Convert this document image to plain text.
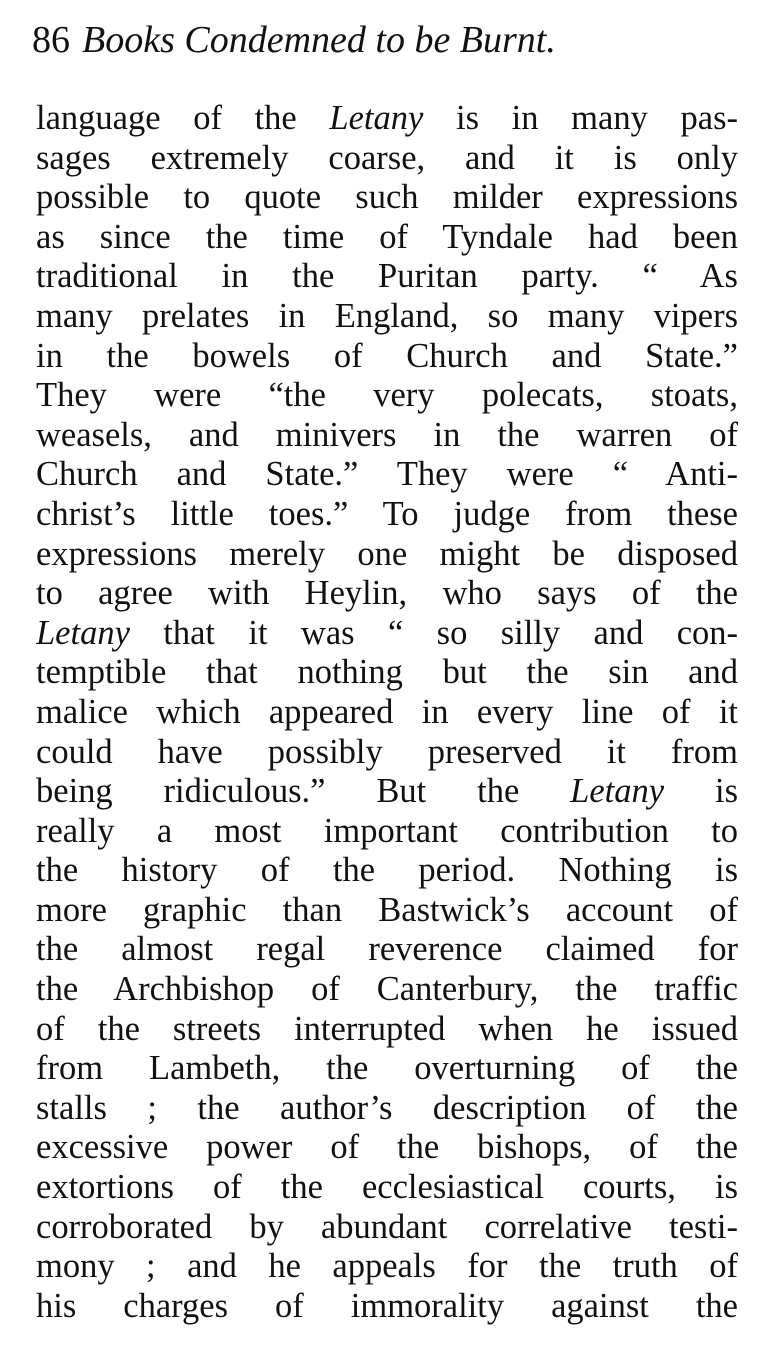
86 Books Condemned to be Burnt.
language of the Letany is in many pas-
sages extremely coarse, and it is only
possible to quote such milder expressions
as since the time of Tyndale had been
traditional in the Puritan party. “ As
many prelates in England, so many vipers
in the bowels of Church and State.”
They were “the very polecats, stoats,
weasels, and minivers in the warren of
Church and State.” They were “ Anti-
christ’s little toes.” To judge from these
expressions merely one might be disposed
to agree with Heylin, who says of the
Letany that it was “ so silly and con-
temptible that nothing but the sin and
malice which appeared in every line of it
could have possibly preserved it from
being ridiculous.” But the Letany is
really a most important contribution to
the history of the period. Nothing is
more graphic than Bastwick’s account of
the almost regal reverence claimed for
the Archbishop of Canterbury, the traffic
of the streets interrupted when he issued
from Lambeth, the overturning of the
stalls ; the author’s description of the
excessive power of the bishops, of the
extortions of the ecclesiastical courts, is
corroborated by abundant correlative testi-
mony ; and he appeals for the truth of
his charges of immorality against the
